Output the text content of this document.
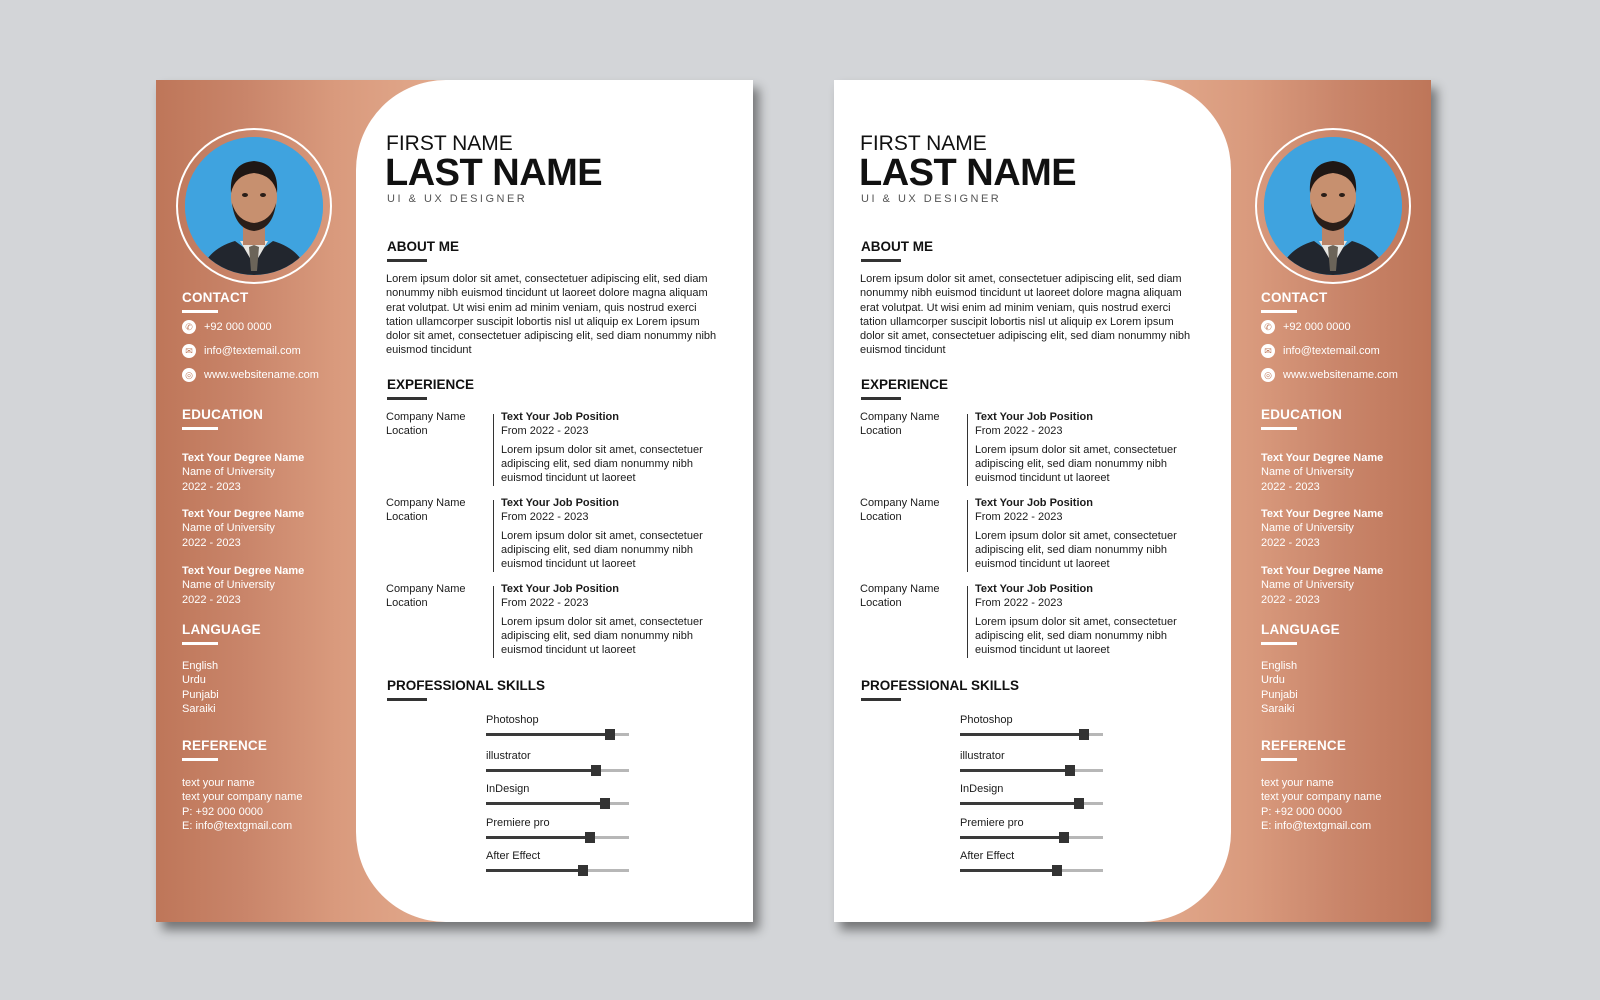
CONTACT
✆ +92 000 0000
✉ info@textemail.com
◎ www.websitename.com
EDUCATION
Text Your Degree Name
Name of University
2022 - 2023
Text Your Degree Name
Name of University
2022 - 2023
Text Your Degree Name
Name of University
2022 - 2023
LANGUAGE
English
Urdu
Punjabi
Saraiki
REFERENCE
text your name
text your company name
P: +92 000 0000
E: info@textgmail.com
FIRST NAME
LAST NAME
UI & UX DESIGNER
ABOUT ME
Lorem ipsum dolor sit amet, consectetuer adipiscing elit, sed diam nonummy nibh euismod tincidunt ut laoreet dolore magna aliquam erat volutpat. Ut wisi enim ad minim veniam, quis nostrud exerci tation ullamcorper suscipit lobortis nisl ut aliquip ex Lorem ipsum dolor sit amet, consectetuer adipiscing elit, sed diam nonummy nibh euismod tincidunt
EXPERIENCE
Company Name
Location
Text Your Job Position
From 2022 - 2023
Lorem ipsum dolor sit amet, consectetuer adipiscing elit, sed diam nonummy nibh euismod tincidunt ut laoreet
Company Name
Location
Text Your Job Position
From 2022 - 2023
Lorem ipsum dolor sit amet, consectetuer adipiscing elit, sed diam nonummy nibh euismod tincidunt ut laoreet
Company Name
Location
Text Your Job Position
From 2022 - 2023
Lorem ipsum dolor sit amet, consectetuer adipiscing elit, sed diam nonummy nibh euismod tincidunt ut laoreet
PROFESSIONAL SKILLS
Photoshop
illustrator
InDesign
Premiere pro
After Effect
CONTACT
✆ +92 000 0000
✉ info@textemail.com
◎ www.websitename.com
EDUCATION
Text Your Degree Name
Name of University
2022 - 2023
Text Your Degree Name
Name of University
2022 - 2023
Text Your Degree Name
Name of University
2022 - 2023
LANGUAGE
English
Urdu
Punjabi
Saraiki
REFERENCE
text your name
text your company name
P: +92 000 0000
E: info@textgmail.com
FIRST NAME
LAST NAME
UI & UX DESIGNER
ABOUT ME
Lorem ipsum dolor sit amet, consectetuer adipiscing elit, sed diam nonummy nibh euismod tincidunt ut laoreet dolore magna aliquam erat volutpat. Ut wisi enim ad minim veniam, quis nostrud exerci tation ullamcorper suscipit lobortis nisl ut aliquip ex Lorem ipsum dolor sit amet, consectetuer adipiscing elit, sed diam nonummy nibh euismod tincidunt
EXPERIENCE
Company Name
Location
Text Your Job Position
From 2022 - 2023
Lorem ipsum dolor sit amet, consectetuer adipiscing elit, sed diam nonummy nibh euismod tincidunt ut laoreet
Company Name
Location
Text Your Job Position
From 2022 - 2023
Lorem ipsum dolor sit amet, consectetuer adipiscing elit, sed diam nonummy nibh euismod tincidunt ut laoreet
Company Name
Location
Text Your Job Position
From 2022 - 2023
Lorem ipsum dolor sit amet, consectetuer adipiscing elit, sed diam nonummy nibh euismod tincidunt ut laoreet
PROFESSIONAL SKILLS
Photoshop
illustrator
InDesign
Premiere pro
After Effect
